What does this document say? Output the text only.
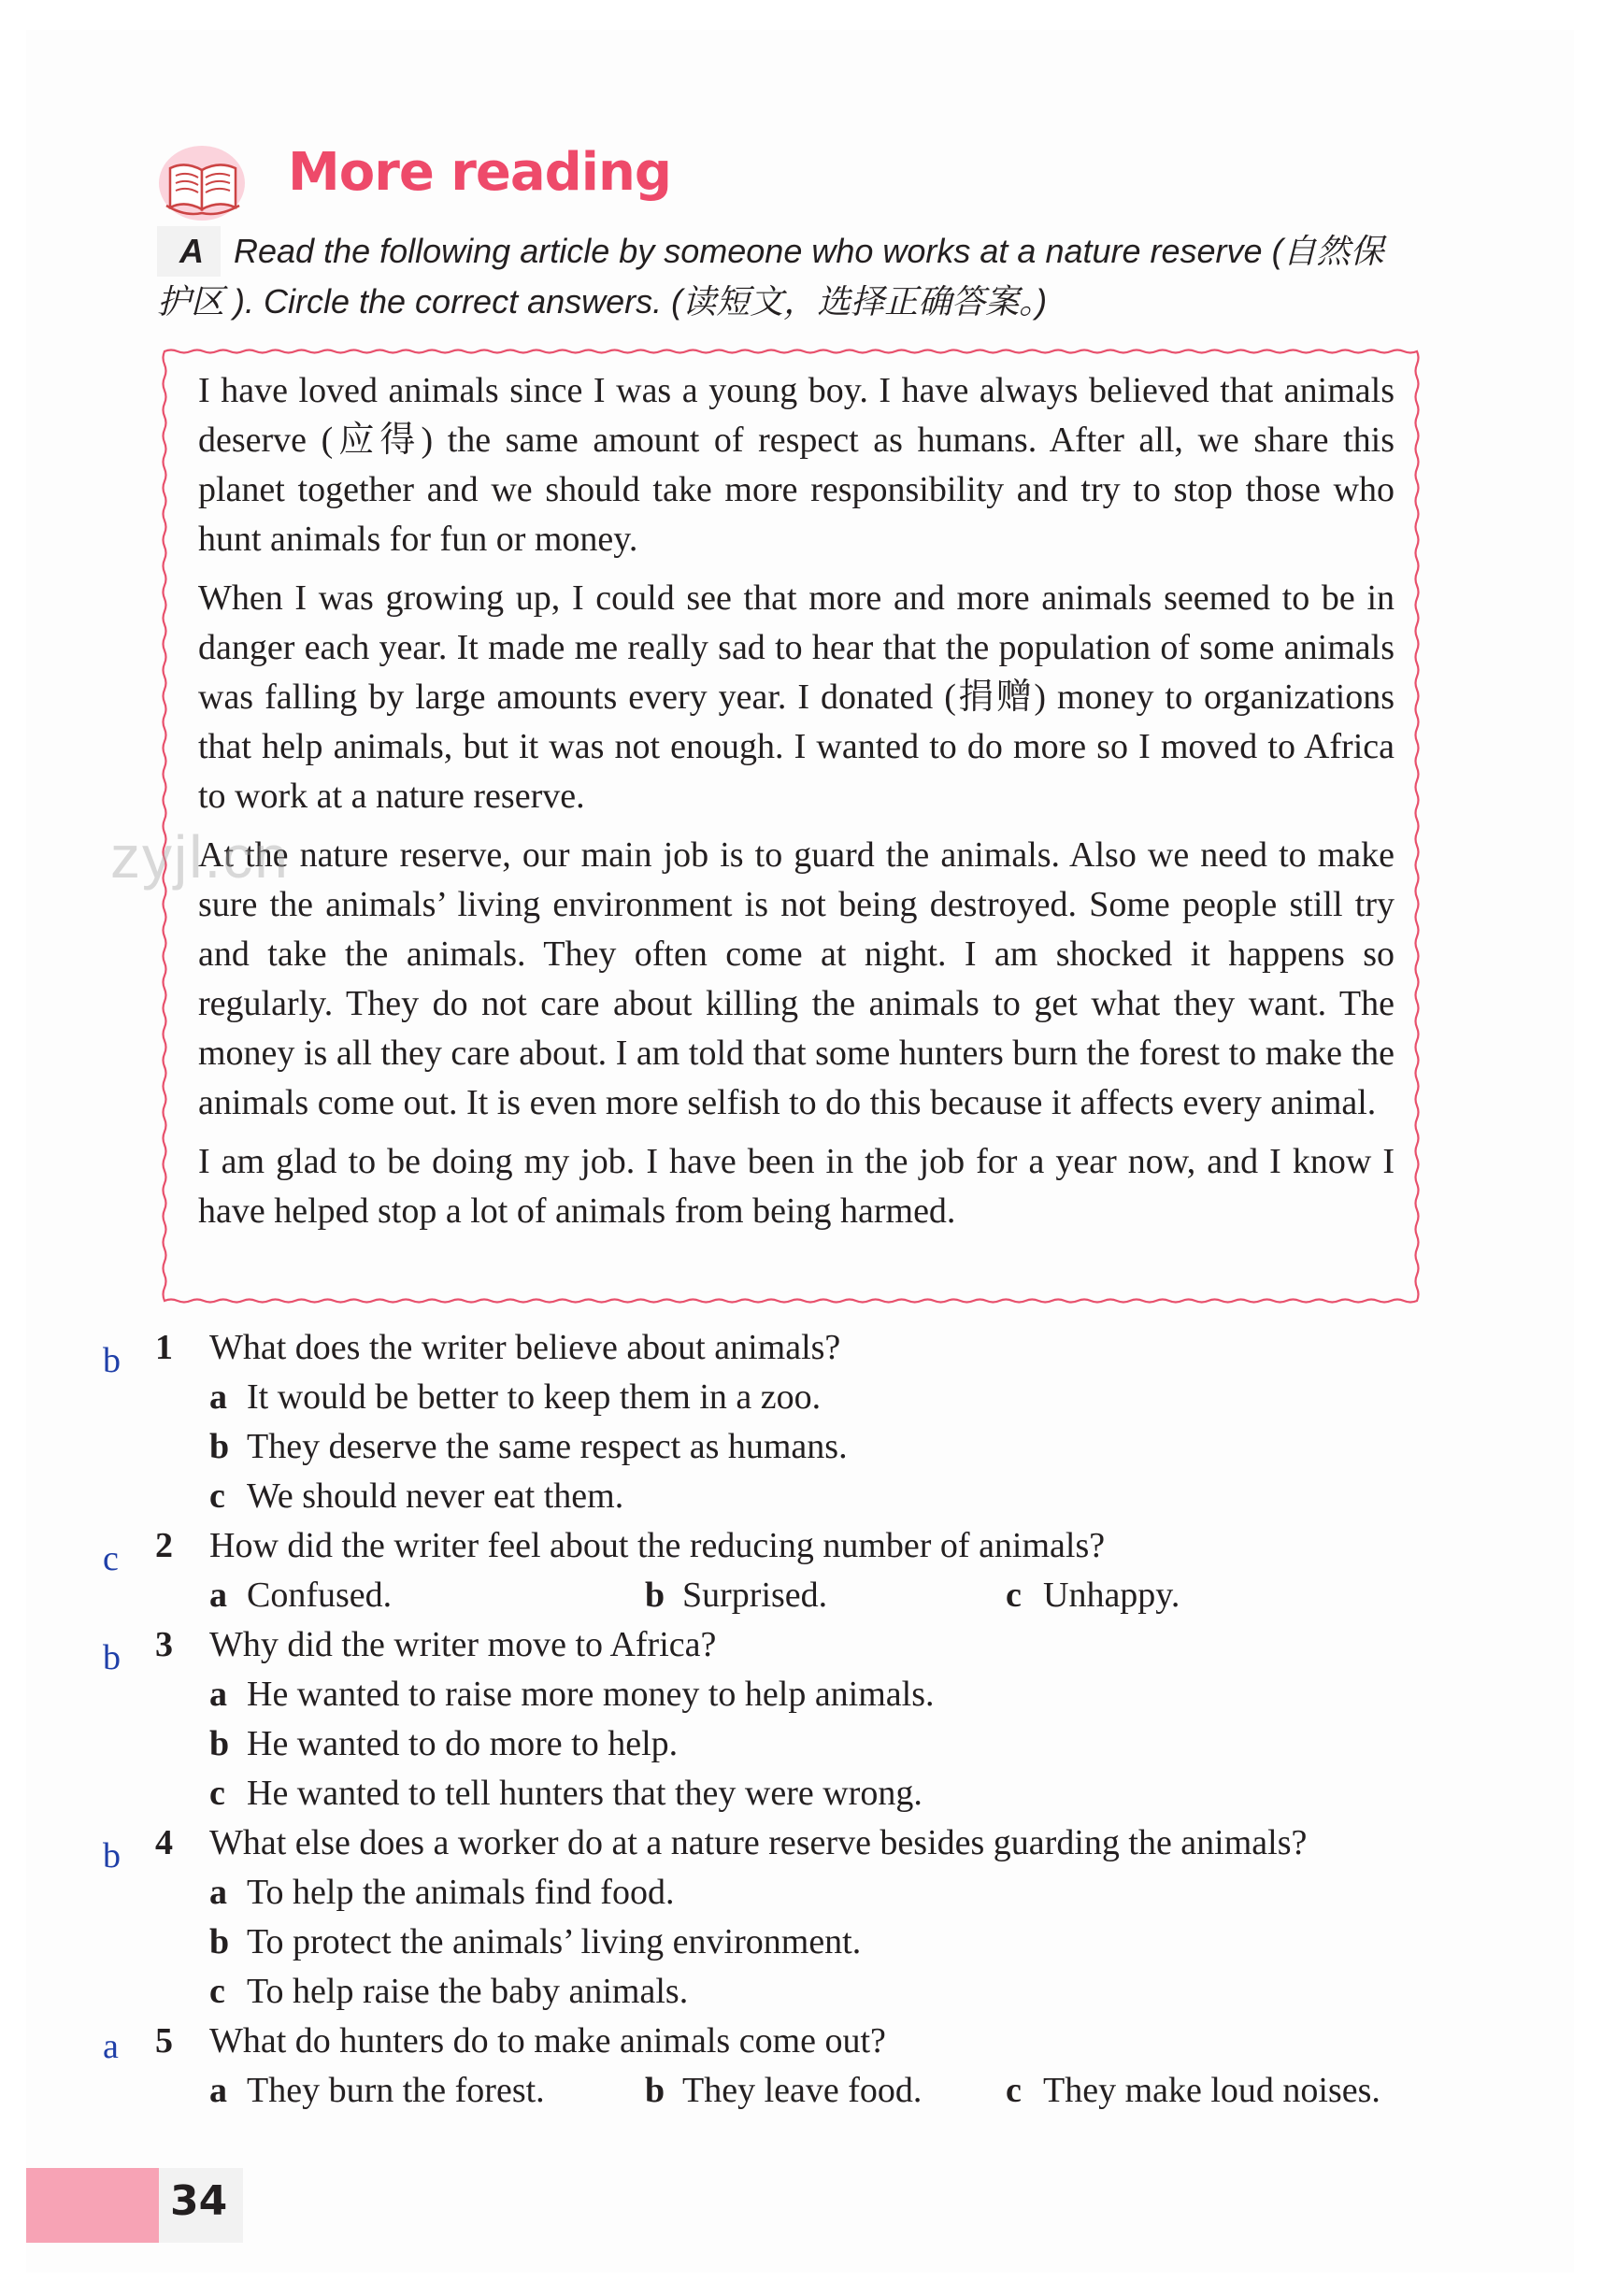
More reading
A Read the following article by someone who works at a nature reserve (自然保护区 ). Circle the correct answers. (读短文，选择正确答案。)

I have loved animals since I was a young boy. I have always believed that animals deserve (应得) the same amount of respect as humans. After all, we share this planet together and we should take more responsibility and try to stop those who hunt animals for fun or money.

When I was growing up, I could see that more and more animals seemed to be in danger each year. It made me really sad to hear that the population of some animals was falling by large amounts every year. I donated (捐赠) money to organizations that help animals, but it was not enough. I wanted to do more so I moved to Africa to work at a nature reserve.

At the nature reserve, our main job is to guard the animals. Also we need to make sure the animals’ living environment is not being destroyed. Some people still try and take the animals. They often come at night. I am shocked it happens so regularly. They do not care about killing the animals to get what they want. The money is all they care about. I am told that some hunters burn the forest to make the animals come out. It is even more selfish to do this because it affects every animal.

I am glad to be doing my job. I have been in the job for a year now, and I know I have helped stop a lot of animals from being harmed.

zyjl.cn
b 1 What does the writer believe about animals?
a It would be better to keep them in a zoo.
b They deserve the same respect as humans.
c We should never eat them.
c 2 How did the writer feel about the reducing number of animals?
a Confused.	b Surprised.	c Unhappy.
b 3 Why did the writer move to Africa?
a He wanted to raise more money to help animals.
b He wanted to do more to help.
c He wanted to tell hunters that they were wrong.
b 4 What else does a worker do at a nature reserve besides guarding the animals?
a To help the animals find food.
b To protect the animals’ living environment.
c To help raise the baby animals.
a 5 What do hunters do to make animals come out?
a They burn the forest.	b They leave food. c They make loud noises.
34
